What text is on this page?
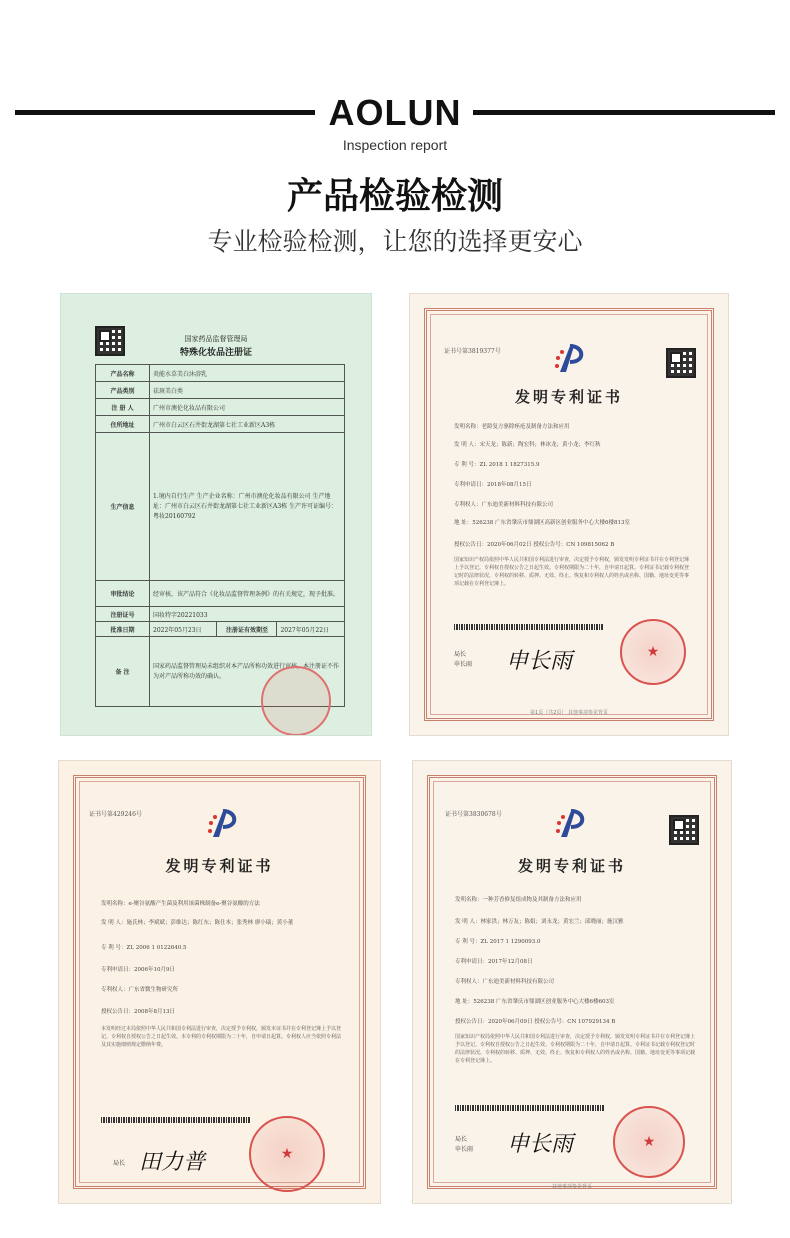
AOLUN
Inspection report
产品检验检测
专业检验检测，让您的选择更安心
国家药品监督管理局
特殊化妆品注册证
产品名称	炎能水草美白沐浴乳		
产品类别	祛斑美白类		
注 册 人	广州市澳伦化妆品有限公司		
住所地址	广州市白云区石井街龙湖第七社工业新区A3栋		
生产信息	1.境内自行生产 生产企业名称：广州市澳伦化妆品有限公司 生产地址：广州市白云区石井街龙湖第七社工业新区A3栋 生产许可证编号：粤妆20160792		
审批结论	经审核，该产品符合《化妆品监督管理条例》的有关规定，现予批准。		
注册证号	国妆特字20221033		
批准日期	2022年05月23日	注册证有效期至	2027年05月22日
备 注	国家药品监督管理局未组织对本产品所称功效进行审核，本注册证不作为对产品所称功效的确认。		
证书号第3819377号
发明专利证书
发明名称：老龄复方驱除痤疮及制备方法和应用
发 明 人：宋天龙；陈新；陶宏科；林冰龙；黄小龙；李红秋
专 利 号：ZL 2018 1 1827315.9
专利申请日：2018年08月15日
专利权人：广东迪美新材料科技有限公司
地 址：526238 广东省肇庆市鼎湖区高新区创业服务中心大楼6楼813室
授权公告日：2020年06月02日 授权公告号：CN 109815062 B
国家知识产权局依照中华人民共和国专利法进行审查，决定授予专利权，颁发发明专利证书并在专利登记簿上予以登记。专利权自授权公告之日起生效。专利权期限为二十年，自申请日起算。专利证书记载专利权登记时的法律状况。专利权的转移、质押、无效、终止、恢复和专利权人的姓名或名称、国籍、地址变更等事项记载在专利登记簿上。
局长
申长雨 申长雨	★
第1页（共2页） 其他事项参见背页
证书号第429246号
发明专利证书
发明名称：e-聚谷氨酸产生菌及利用该菌株制备e-聚谷氨酸的方法
发 明 人：施氏林；李斌斌；彭维达；陈红东；陈仕本；张秀林 廖小瑞；黄小董
专 利 号：ZL 2006 1 0122640.5
专利申请日：2006年10月9日
专利权人：广东省微生物研究所
授权公告日：2008年8月13日
本发明经过本局依照中华人民共和国专利法进行审查，决定授予专利权，颁发本证书并在专利登记簿上予以登记。专利权自授权公告之日起生效。本专利的专利权期限为二十年，自申请日起算。专利权人应当依照专利法及其实施细则规定缴纳年费。
局长 田力普	★
证书号第3830678号
发明专利证书
发明名称：一种芳香修复组成物及其制备方法和应用
发 明 人：林家洪；林万友；陈娟；刘永龙；黄宏兰；邱晓丽；施汉雅
专 利 号：ZL 2017 1 1290093.0
专利申请日：2017年12月08日
专利权人：广东迪美新材料科技有限公司
地 址：526238 广东省肇庆市鼎湖区创业服务中心大楼6楼603室
授权公告日：2020年06月09日 授权公告号：CN 107929134 B
国家知识产权局依照中华人民共和国专利法进行审查，决定授予专利权，颁发发明专利证书并在专利登记簿上予以登记。专利权自授权公告之日起生效。专利权期限为二十年，自申请日起算。专利证书记载专利权登记时的法律状况。专利权的转移、质押、无效、终止、恢复和专利权人的姓名或名称、国籍、地址变更等事项记载在专利登记簿上。
局长
申长雨 申长雨	★
其他事项参见背页
